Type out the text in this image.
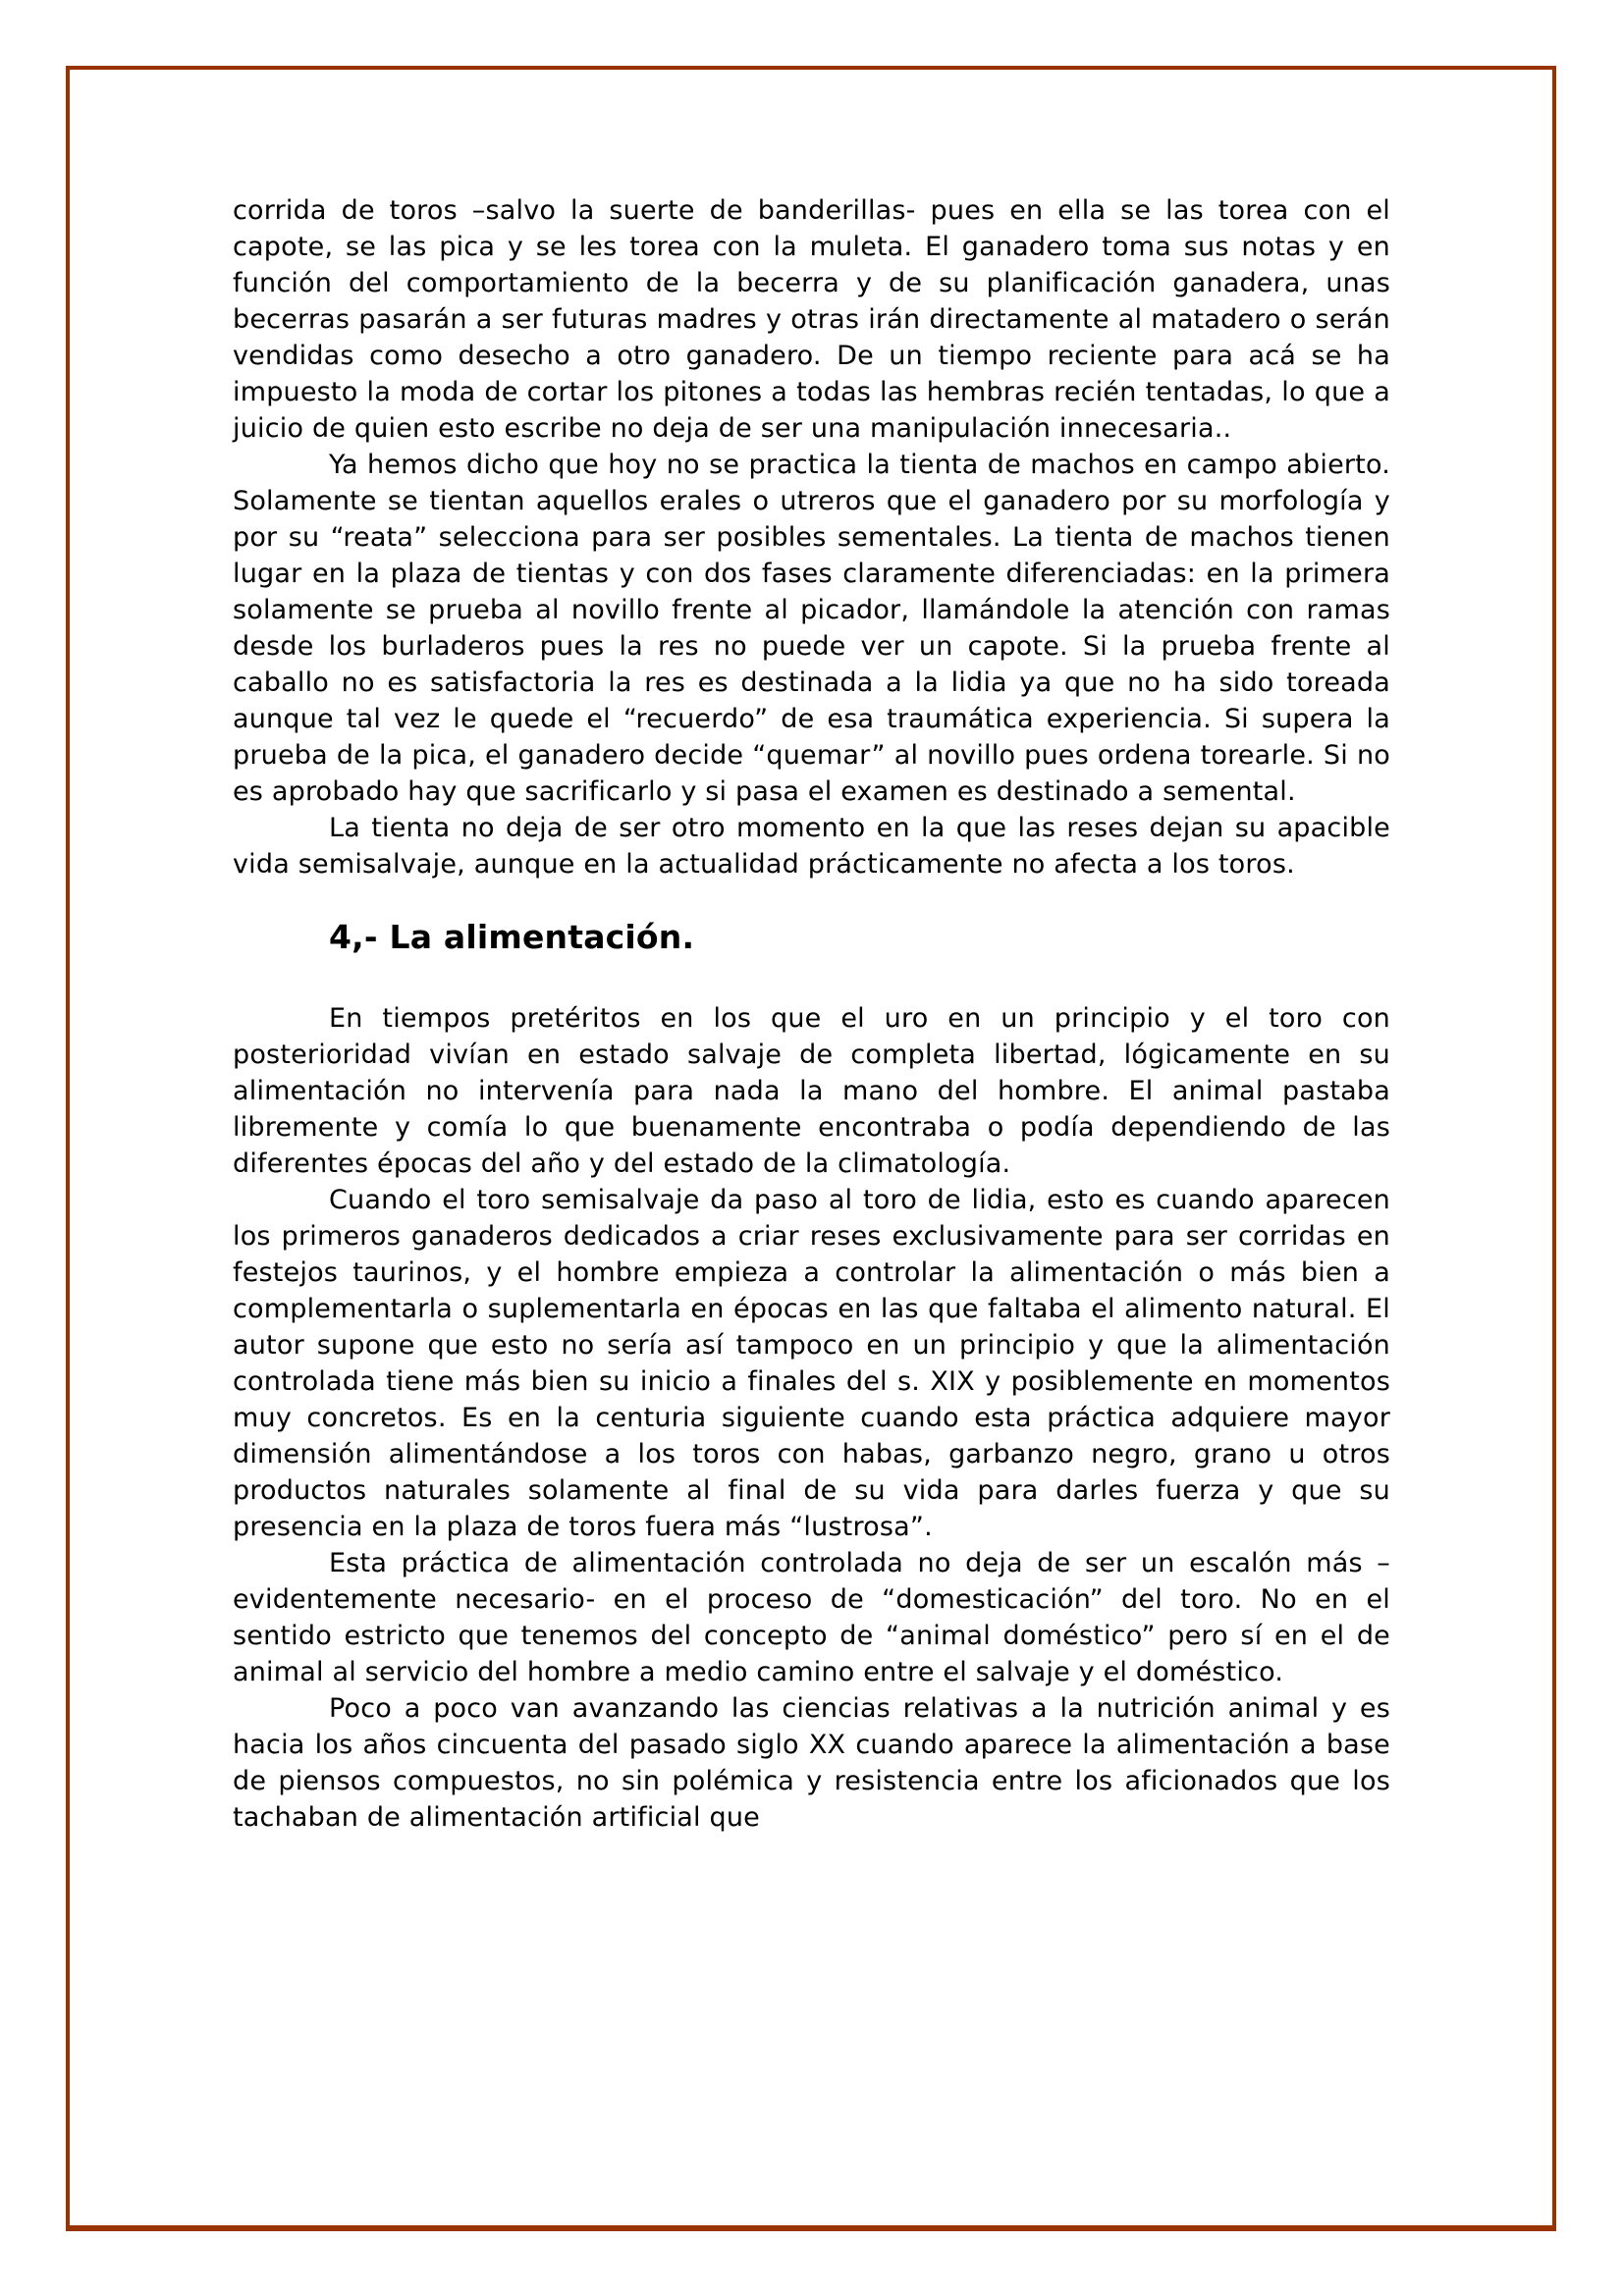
corrida de toros –salvo la suerte de banderillas- pues en ella se las torea con el capote, se las pica y se les torea con la muleta. El ganadero toma sus notas y en función del comportamiento de la becerra y de su planificación ganadera, unas becerras pasarán a ser futuras madres y otras irán directamente al matadero o serán vendidas como desecho a otro ganadero. De un tiempo reciente para acá se ha impuesto la moda de cortar los pitones a todas las hembras recién tentadas, lo que a juicio de quien esto escribe no deja de ser una manipulación innecesaria..

Ya hemos dicho que hoy no se practica la tienta de machos en campo abierto. Solamente se tientan aquellos erales o utreros que el ganadero por su morfología y por su “reata” selecciona para ser posibles sementales. La tienta de machos tienen lugar en la plaza de tientas y con dos fases claramente diferenciadas: en la primera solamente se prueba al novillo frente al picador, llamándole la atención con ramas desde los burladeros pues la res no puede ver un capote. Si la prueba frente al caballo no es satisfactoria la res es destinada a la lidia ya que no ha sido toreada aunque tal vez le quede el “recuerdo” de esa traumática experiencia. Si supera la prueba de la pica, el ganadero decide “quemar” al novillo pues ordena torearle. Si no es aprobado hay que sacrificarlo y si pasa el examen es destinado a semental.

La tienta no deja de ser otro momento en la que las reses dejan su apacible vida semisalvaje, aunque en la actualidad prácticamente no afecta a los toros.

4,- La alimentación.

En tiempos pretéritos en los que el uro en un principio y el toro con posterioridad vivían en estado salvaje de completa libertad, lógicamente en su alimentación no intervenía para nada la mano del hombre. El animal pastaba libremente y comía lo que buenamente encontraba o podía dependiendo de las diferentes épocas del año y del estado de la climatología.

Cuando el toro semisalvaje da paso al toro de lidia, esto es cuando aparecen los primeros ganaderos dedicados a criar reses exclusivamente para ser corridas en festejos taurinos, y el hombre empieza a controlar la alimentación o más bien a complementarla o suplementarla en épocas en las que faltaba el alimento natural. El autor supone que esto no sería así tampoco en un principio y que la alimentación controlada tiene más bien su inicio a finales del s. XIX y posiblemente en momentos muy concretos. Es en la centuria siguiente cuando esta práctica adquiere mayor dimensión alimentándose a los toros con habas, garbanzo negro, grano u otros productos naturales solamente al final de su vida para darles fuerza y que su presencia en la plaza de toros fuera más “lustrosa”.

Esta práctica de alimentación controlada no deja de ser un escalón más –evidentemente necesario- en el proceso de “domesticación” del toro. No en el sentido estricto que tenemos del concepto de “animal doméstico” pero sí en el de animal al servicio del hombre a medio camino entre el salvaje y el doméstico.

Poco a poco van avanzando las ciencias relativas a la nutrición animal y es hacia los años cincuenta del pasado siglo XX cuando aparece la alimentación a base de piensos compuestos, no sin polémica y resistencia entre los aficionados que los tachaban de alimentación artificial que
